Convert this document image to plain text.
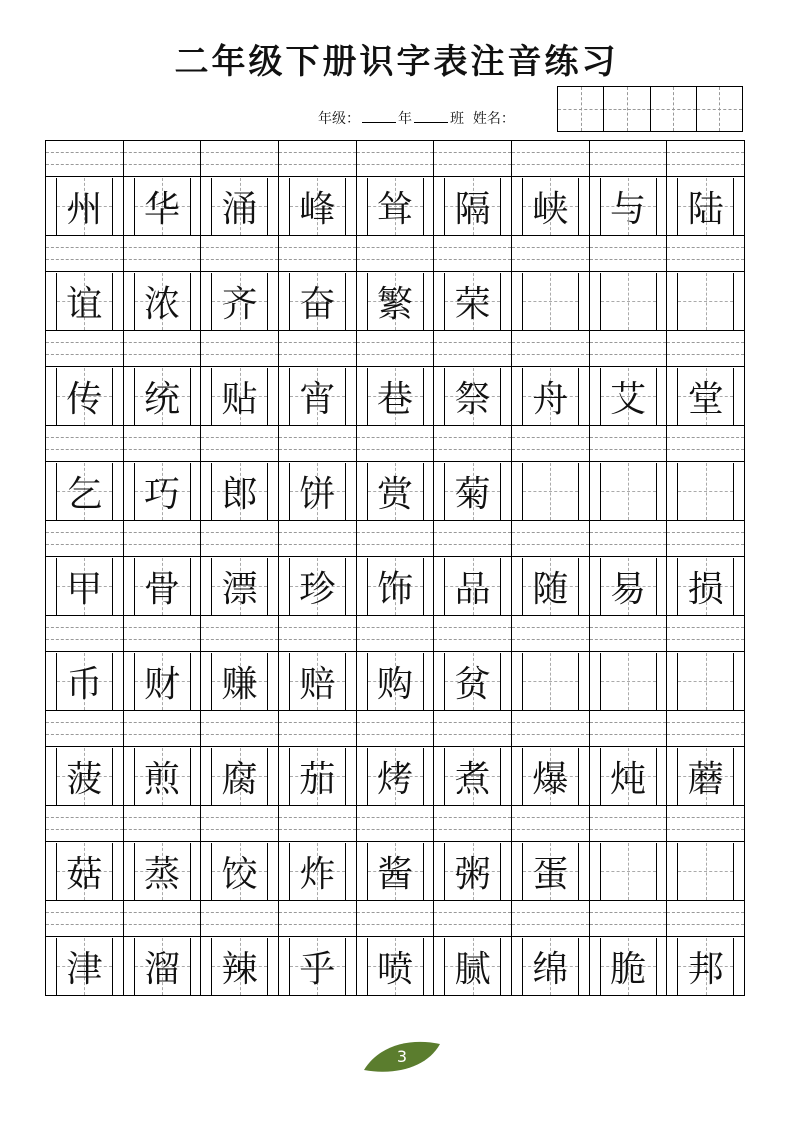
二年级下册识字表注音练习
年级：	年	班 姓名：
州 华 涌 峰 耸 隔 峡 与 陆
谊 浓 齐 奋 繁 荣
传 统 贴 宵 巷 祭 舟 艾 堂
乞 巧 郎 饼 赏 菊
甲 骨 漂 珍 饰 品 随 易 损
币 财 赚 赔 购 贫
菠 煎 腐 茄 烤 煮 爆 炖 蘑
菇 蒸 饺 炸 酱 粥 蛋
津 溜 辣 乎 喷 腻 绵 脆 邦
3
